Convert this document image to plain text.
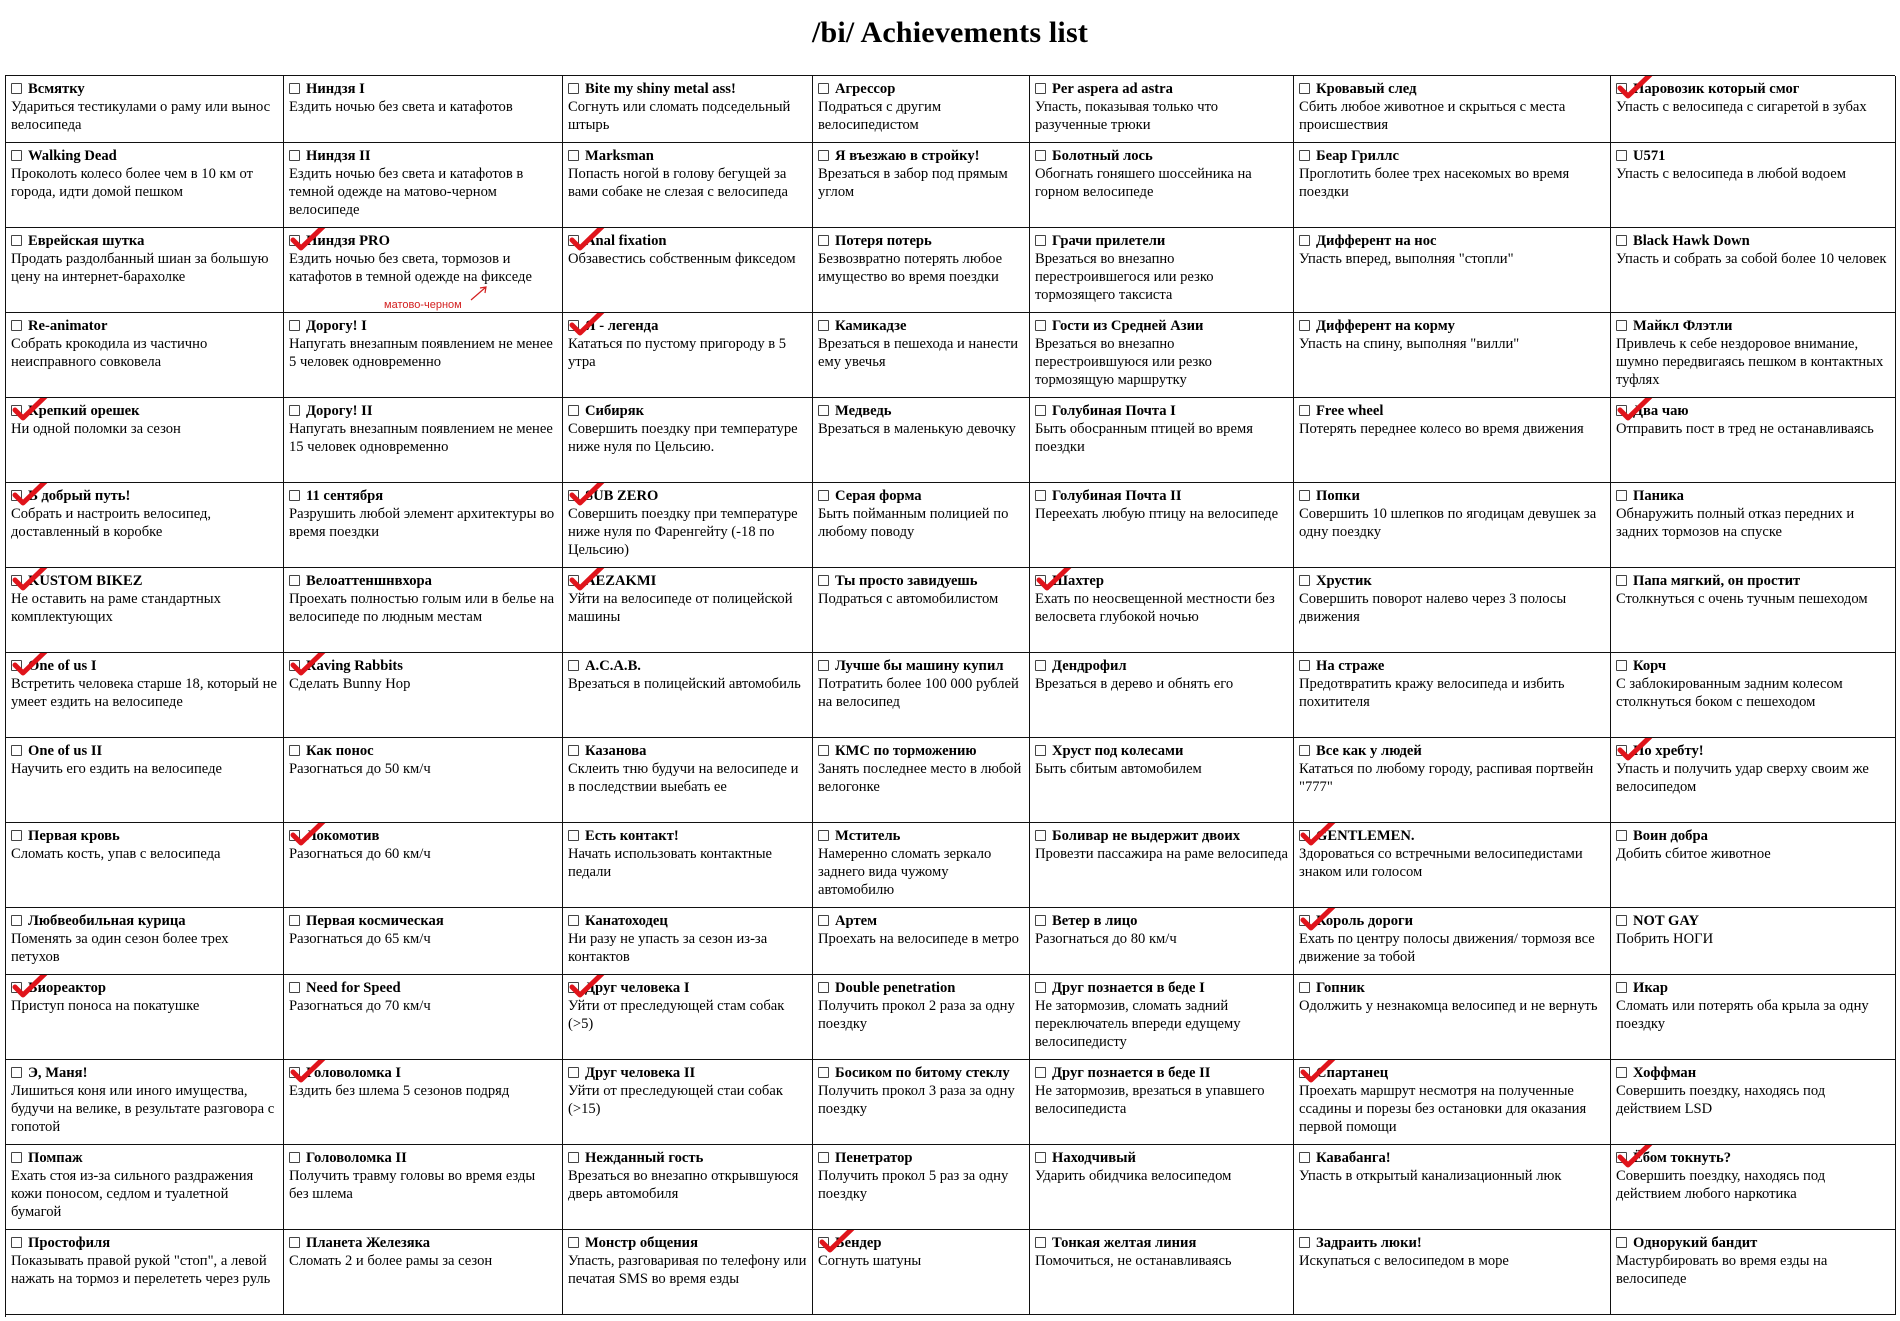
/bi/ Achievements list
Всмятку
Удариться тестикулами о раму или вынос велосипеда
Ниндзя I
Ездить ночью без света и катафотов
Bite my shiny metal ass!
Согнуть или сломать подседельный штырь
Агрессор
Подраться с другим велосипедистом
Per aspera ad astra
Упасть, показывая только что разученные трюки
Кровавый след
Сбить любое животное и скрыться с места происшествия
Паровозик который смог
Упасть с велосипеда с сигаретой в зубах
Walking Dead
Проколоть колесо более чем в 10 км от города, идти домой пешком
Ниндзя II
Ездить ночью без света и катафотов в темной одежде на матово-черном велосипеде
Marksman
Попасть ногой в голову бегущей за вами собаке не слезая с велосипеда
Я въезжаю в стройку!
Врезаться в забор под прямым углом
Болотный лось
Обогнать гоняшего шоссейника на горном велосипеде
Беар Гриллс
Проглотить более трех насекомых во время поездки
U571
Упасть с велосипеда в любой водоем
Еврейская шутка
Продать раздолбанный шиан за большую цену на интернет-барахолке
Ниндзя PRO
Ездить ночью без света, тормозов и катафотов в темной одежде на фикседе
матово-черном
Anal fixation
Обзавестись собственным фикседом
Потеря потерь
Безвозвратно потерять любое имущество во время поездки
Грачи прилетели
Врезаться во внезапно перестроившегося или резко тормозящего таксиста
Дифферент на нос
Упасть вперед, выполняя "стопли"
Black Hawk Down
Упасть и собрать за собой более 10 человек
Re-animator
Собрать крокодила из частично неисправного совковела
Дорогу! I
Напугать внезапным появлением не менее 5 человек одновременно
Я - легенда
Кататься по пустому пригороду в 5 утра
Камикадзе
Врезаться в пешехода и нанести ему увечья
Гости из Средней Азии
Врезаться во внезапно перестроившуюся или резко тормозящую маршрутку
Дифферент на корму
Упасть на спину, выполняя "вилли"
Майкл Флэтли
Привлечь к себе нездоровое внимание, шумно передвигаясь пешком в контактных туфлях
Крепкий орешек
Ни одной поломки за сезон
Дорогу! II
Напугать внезапным появлением не менее 15 человек одновременно
Сибиряк
Совершить поездку при температуре ниже нуля по Цельсию.
Медведь
Врезаться в маленькую девочку
Голубиная Почта I
Быть обосранным птицей во время поездки
Free wheel
Потерять переднее колесо во время движения
Два чаю
Отправить пост в тред не останавливаясь
В добрый путь!
Собрать и настроить велосипед, доставленный в коробке
11 сентября
Разрушить любой элемент архитектуры во время поездки
SUB ZERO
Совершить поездку при температуре ниже нуля по Фаренгейту (-18 по Цельсию)
Серая форма
Быть пойманным полицией по любому поводу
Голубиная Почта II
Переехать любую птицу на велосипеде
Попки
Совершить 10 шлепков по ягодицам девушек за одну поездку
Паника
Обнаружить полный отказ передних и задних тормозов на спуске
KUSTOM BIKEZ
Не оставить на раме стандартных комплектующих
Велоаттеншнвхора
Проехать полностью голым или в белье на велосипеде по людным местам
AEZAKMI
Уйти на велосипеде от полицейской машины
Ты просто завидуешь
Подраться с автомобилистом
Шахтер
Ехать по неосвещенной местности без велосвета глубокой ночью
Хрустик
Совершить поворот налево через 3 полосы движения
Папа мягкий, он простит
Столкнуться с очень тучным пешеходом
One of us I
Встретить человека старше 18, который не умеет ездить на велосипеде
Raving Rabbits
Сделать Bunny Hop
A.C.A.B.
Врезаться в полицейский автомобиль
Лучше бы машину купил
Потратить более 100 000 рублей на велосипед
Дендрофил
Врезаться в дерево и обнять его
На страже
Предотвратить кражу велосипеда и избить похитителя
Корч
С заблокированным задним колесом столкнуться боком с пешеходом
One of us II
Научить его ездить на велосипеде
Как понос
Разогнаться до 50 км/ч
Казанова
Склеить тню будучи на велосипеде и в последствии выебать ее
КМС по торможению
Занять последнее место в любой велогонке
Хруст под колесами
Быть сбитым автомобилем
Все как у людей
Кататься по любому городу, распивая портвейн "777"
По хребту!
Упасть и получить удар сверху своим же велосипедом
Первая кровь
Сломать кость, упав с велосипеда
Локомотив
Разогнаться до 60 км/ч
Есть контакт!
Начать использовать контактные педали
Мститель
Намеренно сломать зеркало заднего вида чужому автомобилю
Боливар не выдержит двоих
Провезти пассажира на раме велосипеда
GENTLEMEN.
Здороваться со встречными велосипедистами знаком или голосом
Воин добра
Добить сбитое животное
Любвеобильная курица
Поменять за один сезон более трех петухов
Первая космическая
Разогнаться до 65 км/ч
Канатоходец
Ни разу не упасть за сезон из-за контактов
Артем
Проехать на велосипеде в метро
Ветер в лицо
Разогнаться до 80 км/ч
Король дороги
Ехать по центру полосы движения/ тормозя все движение за тобой
NOT GAY
Побрить НОГИ
Биореактор
Приступ поноса на покатушке
Need for Speed
Разогнаться до 70 км/ч
Друг человека I
Уйти от преследующей стам собак (>5)
Double penetration
Получить прокол 2 раза за одну поездку
Друг познается в беде I
Не затормозив, сломать задний переключатель впереди едущему велосипедисту
Гопник
Одолжить у незнакомца велосипед и не вернуть
Икар
Сломать или потерять оба крыла за одну поездку
Э, Маня!
Лишиться коня или иного имущества, будучи на велике, в результате разговора с гопотой
Головоломка I
Ездить без шлема 5 сезонов подряд
Друг человека II
Уйти от преследующей стаи собак (>15)
Босиком по битому стеклу
Получить прокол 3 раза за одну поездку
Друг познается в беде II
Не затормозив, врезаться в упавшего велосипедиста
Спартанец
Проехать маршрут несмотря на полученные ссадины и порезы без остановки для оказания первой помощи
Хоффман
Совершить поездку, находясь под действием LSD
Помпаж
Ехать стоя из-за сильного раздражения кожи поносом, седлом и туалетной бумагой
Головоломка II
Получить травму головы во время езды без шлема
Нежданный гость
Врезаться во внезапно открывшуюся дверь автомобиля
Пенетратор
Получить прокол 5 раз за одну поездку
Находчивый
Ударить обидчика велосипедом
Кавабанга!
Упасть в открытый канализационный люк
Ёбом токнуть?
Совершить поездку, находясь под действием любого наркотика
Простофиля
Показывать правой рукой "стоп", а левой нажать на тормоз и перелететь через руль
Планета Железяка
Сломать 2 и более рамы за сезон
Монстр общения
Упасть, разговаривая по телефону или печатая SMS во время езды
Бендер
Согнуть шатуны
Тонкая желтая линия
Помочиться, не останавливаясь
Задраить люки!
Искупаться с велосипедом в море
Однорукий бандит
Мастурбировать во время езды на велосипеде
